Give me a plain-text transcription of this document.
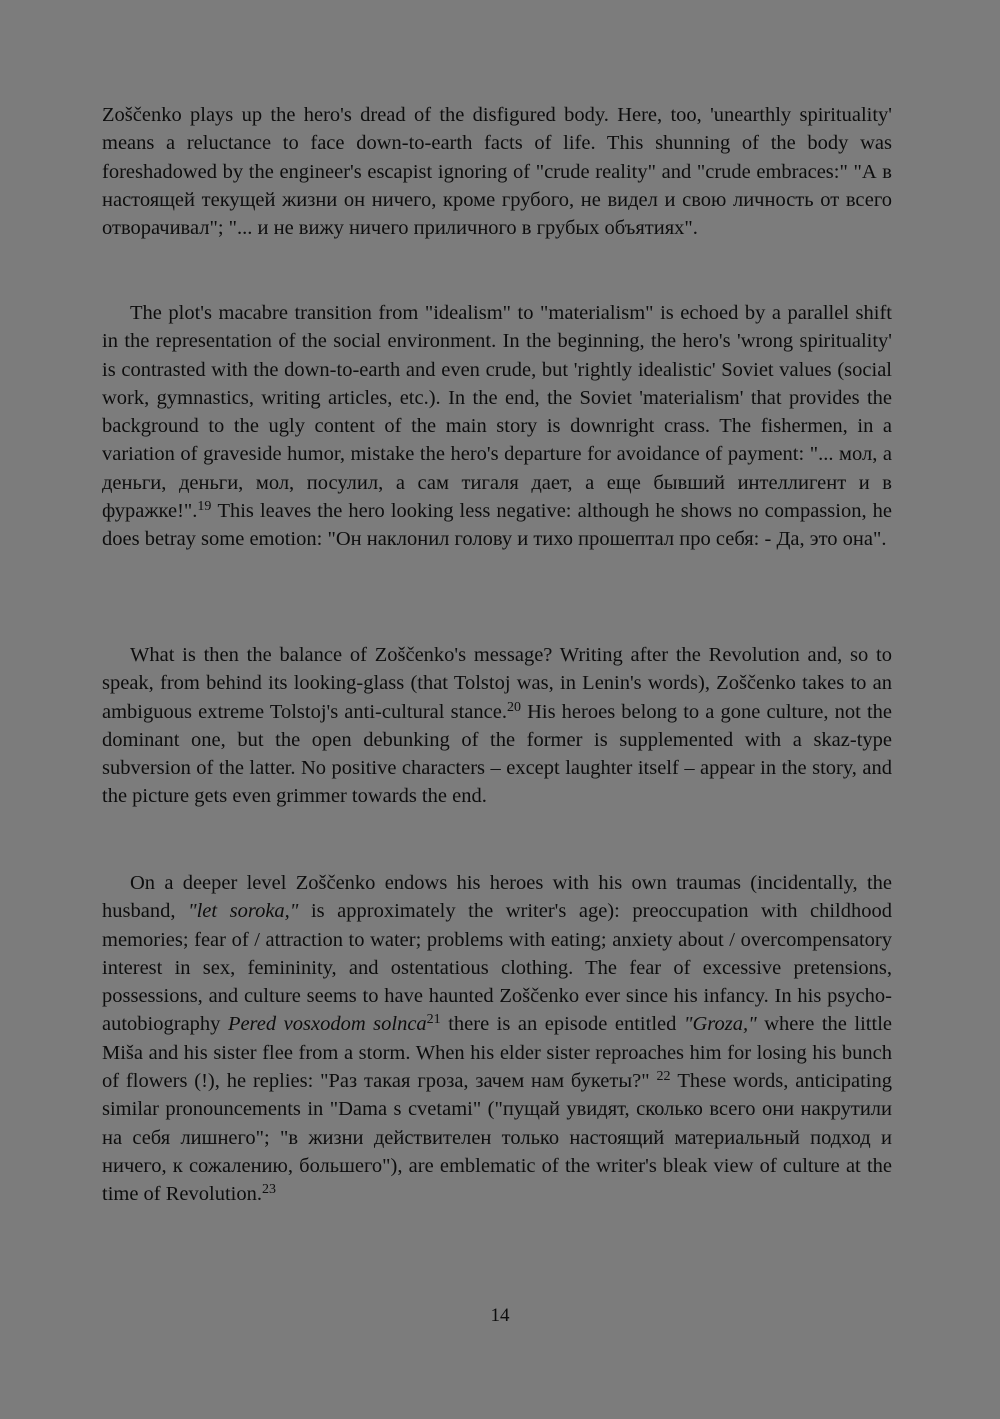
Zoščenko plays up the hero's dread of the disfigured body. Here, too, 'unearthly spirituality' means a reluctance to face down-to-earth facts of life. This shunning of the body was foreshadowed by the engineer's escapist ignoring of "crude reality" and "crude embraces:" "А в настоящей текущей жизни он ничего, кроме грубого, не видел и свою личность от всего отворачивал"; "... и не вижу ничего приличного в грубых объятиях".

The plot's macabre transition from "idealism" to "materialism" is echoed by a parallel shift in the representation of the social environment. In the beginning, the hero's 'wrong spirituality' is contrasted with the down-to-earth and even crude, but 'rightly idealistic' Soviet values (social work, gymnastics, writing articles, etc.). In the end, the Soviet 'materialism' that provides the background to the ugly content of the main story is downright crass. The fishermen, in a variation of graveside humor, mistake the hero's departure for avoidance of payment: "... мол, а деньги, деньги, мол, посулил, а сам тигаля дает, а еще бывший интеллигент и в фуражке!".$^{19}$ This leaves the hero looking less negative: although he shows no compassion, he does betray some emotion: "Он наклонил голову и тихо прошептал про себя: - Да, это она".

What is then the balance of Zoščenko's message? Writing after the Revolution and, so to speak, from behind its looking-glass (that Tolstoj was, in Lenin's words), Zoščenko takes to an ambiguous extreme Tolstoj's anti-cultural stance.$^{20}$ His heroes belong to a gone culture, not the dominant one, but the open debunking of the former is supplemented with a skaz-type subversion of the latter. No positive characters – except laughter itself – appear in the story, and the picture gets even grimmer towards the end.

On a deeper level Zoščenko endows his heroes with his own traumas (incidentally, the husband, "let soroka," is approximately the writer's age): preoccupation with childhood memories; fear of / attraction to water; problems with eating; anxiety about / overcompensatory interest in sex, femininity, and ostentatious clothing. The fear of excessive pretensions, possessions, and culture seems to have haunted Zoščenko ever since his infancy. In his psycho-autobiography Pered vosxodom solnca$^{21}$ there is an episode entitled "Groza," where the little Miša and his sister flee from a storm. When his elder sister reproaches him for losing his bunch of flowers (!), he replies: "Раз такая гроза, зачем нам букеты?" $^{22}$ These words, anticipating similar pronouncements in "Dama s cvetami" ("пущай увидят, сколько всего они накрутили на себя лишнего"; "в жизни действителен только настоящий материальный подход и ничего, к сожалению, большего"), are emblematic of the writer's bleak view of culture at the time of Revolution.$^{23}$

14
